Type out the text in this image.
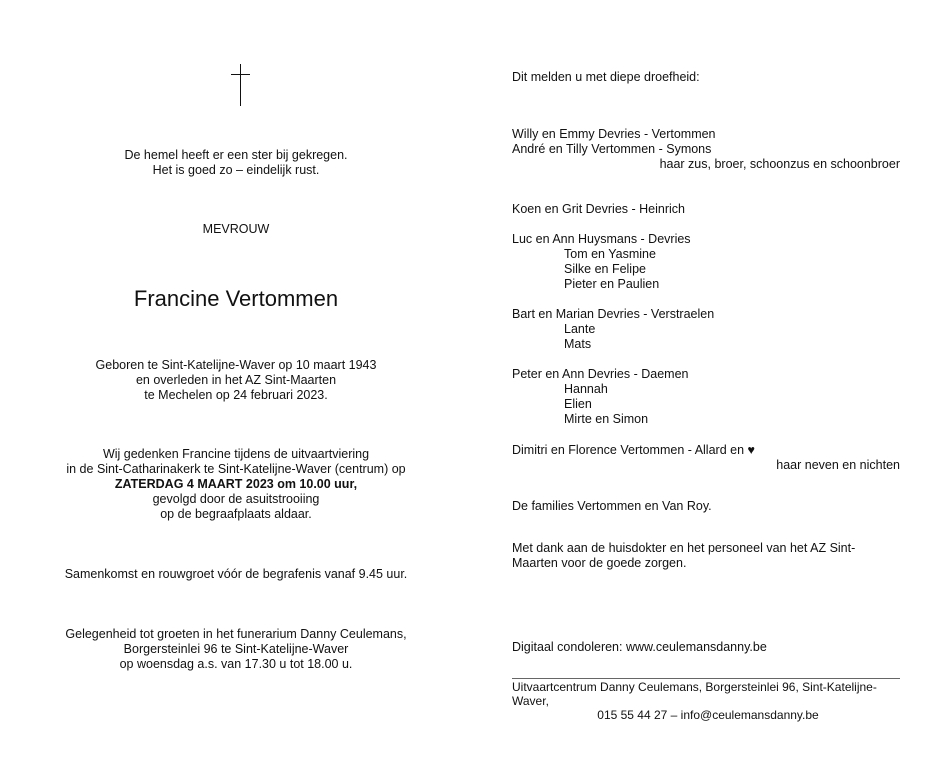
De hemel heeft er een ster bij gekregen.
Het is goed zo – eindelijk rust.
MEVROUW
Francine Vertommen
Geboren te Sint-Katelijne-Waver op 10 maart 1943
en overleden in het AZ Sint-Maarten
te Mechelen op 24 februari 2023.
Wij gedenken Francine tijdens de uitvaartviering
in de Sint-Catharinakerk te Sint-Katelijne-Waver (centrum) op
ZATERDAG 4 MAART 2023 om 10.00 uur,
gevolgd door de asuitstrooiing
op de begraafplaats aldaar.
Samenkomst en rouwgroet vóór de begrafenis vanaf 9.45 uur.
Gelegenheid tot groeten in het funerarium Danny Ceulemans,
Borgersteinlei 96 te Sint-Katelijne-Waver
op woensdag a.s. van 17.30 u tot 18.00 u.
Dit melden u met diepe droefheid:
Willy en Emmy Devries - Vertommen
André en Tilly Vertommen - Symons
haar zus, broer, schoonzus en schoonbroer
Koen en Grit Devries - Heinrich
Luc en Ann Huysmans - Devries
Tom en Yasmine
Silke en Felipe
Pieter en Paulien
Bart en Marian Devries - Verstraelen
Lante
Mats
Peter en Ann Devries - Daemen
Hannah
Elien
Mirte en Simon
Dimitri en Florence Vertommen - Allard en ♥
haar neven en nichten
De families Vertommen en Van Roy.
Met dank aan de huisdokter en het personeel van het AZ Sint-
Maarten voor de goede zorgen.
Digitaal condoleren: www.ceulemansdanny.be
Uitvaartcentrum Danny Ceulemans, Borgersteinlei 96, Sint-Katelijne-Waver,
015 55 44 27 – info@ceulemansdanny.be
